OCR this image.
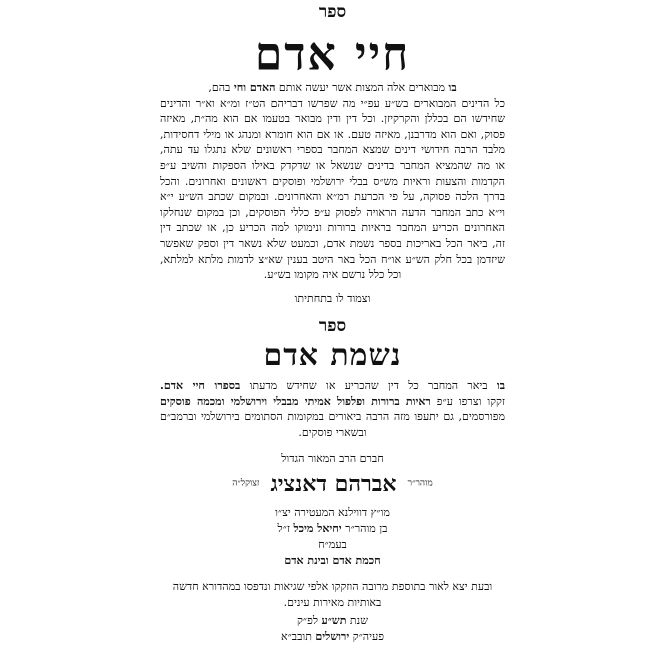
ספר
חיי אדם
בו מבוארים אלה המצות אשר יעשה אותם האדם וחי בהם,
כל הדינים המבוארים בש״ע עפ״י מה שפרשו דבריהם הט״ז ומ״א וא״ר והדינים
שחידשו הם בכללן והקרקיזן. וכל דין ודין מבואר בטעמו אם הוא מה״ת, מאיזה
פסוק, ואם הוא מדרבנן, מאיזה טעם. או אם הוא חומרא ומנהג או מילי דחסידות,
מלבד הרבה חידושי דינים שמצא המחבר בספרי ראשונים שלא נתגלו עד עתה,
או מה שהמציא המחבר בדינים שנשאל או שדקדק באילו הספקות והשיב ע״פ
הקדמות והצעות וראיות מש״ס בבלי ירושלמי ופוסקים ראשונים ואחרונים. והכל
בדרך הלכה פסוקה, על פי הכרעת רמ״א והאחרונים. ובמקום שכתב הש״ע י״א
וי״א כתב המחבר הדעה הראויה לפסוק ע״פ כללי הפוסקים, וכן במקום שנחלקו
האחרונים הכריע המחבר בראיות ברורות ונימוקו למה הכריע כן, או שכתב דין
זה, ביאר הכל באריכות בספר נשמת אדם, וכמעט שלא נשאר דין וספק שאפשר
שיזדמן בכל חלק הש״ע או״ח הכל באר היטב בענין שא״צ לדמות מלתא למלתא,
וכל כלל נרשם איה מקומו בש״ע.
וצמוד לו בתחתיתו
ספר
נשמת אדם
בו ביאר המחבר כל דין שהכריע או שחידש מדעתו בספרו חיי אדם.
זקקו וצרפו ע״פ ראיות ברורות ופלפול אמיתי מבבלי וירושלמי ומכמה פוסקים
מפורסמים, גם יתעפו מזה הרבה ביאורים במקומות הסתומים בירושלמי וברמב״ם
ובשארי פוסקים.
חברם הרב המאור הגדול
מוהר״ר אברהם דאנציג זצוקל״ה
מו״ץ דווילנא המעטירה יצ״ו
בן מוהר״ר יחיאל מיכל ז״ל
בעמ״ח
חכמת אדם ובינת אדם
ובעת יצא לאור בתוספת מרובה הוזקקו אלפי שגיאות ונדפסו במהדורא חדשה
באותיות מאירות עינים.
שנת תש״ע לפ״ק
פעיה״ק ירושלים תובב״א
